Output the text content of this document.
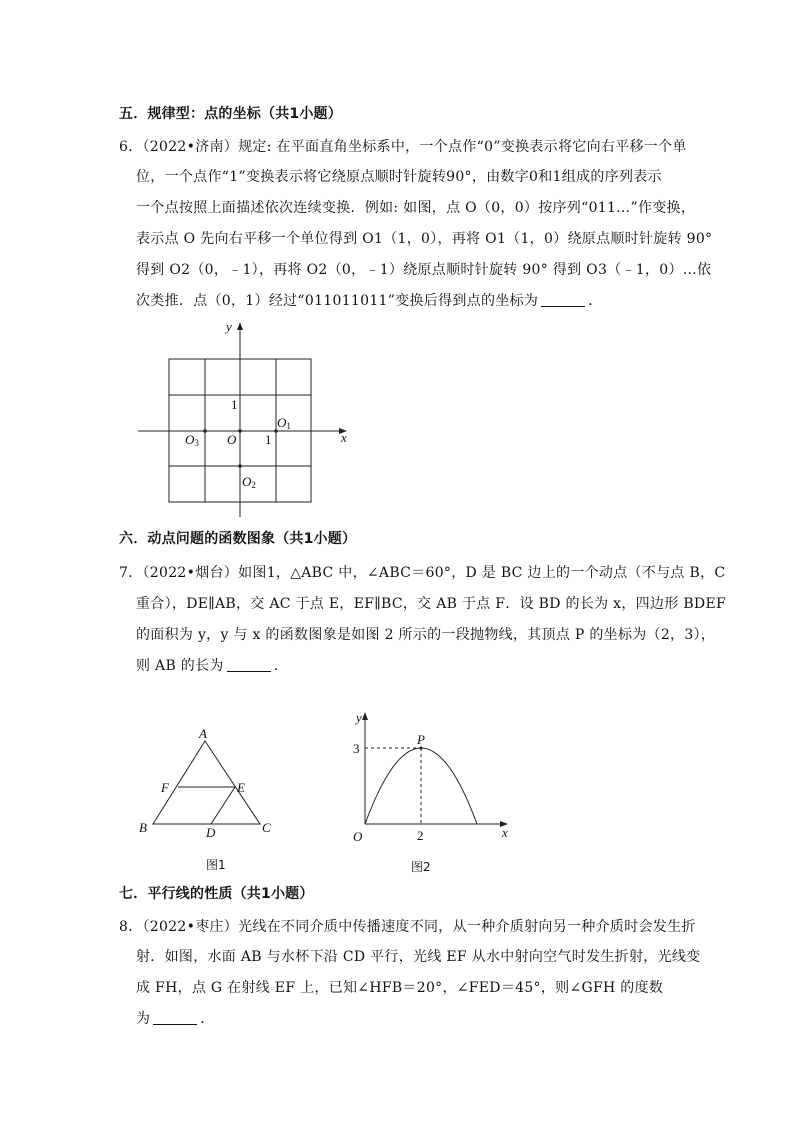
五．规律型：点的坐标（共1小题）
6．（2022•济南）规定: 在平面直角坐标系中，一个点作“0”变换表示将它向右平移一个单
位，一个点作“1”变换表示将它绕原点顺时针旋转90°，由数字0和1组成的序列表示
一个点按照上面描述依次连续变换．例如: 如图，点 O（0，0）按序列“011…”作变换，
表示点 O 先向右平移一个单位得到 O1（1，0），再将 O1（1，0）绕原点顺时针旋转 90°
得到 O2（0，﹣1），再将 O2（0，﹣1）绕原点顺时针旋转 90° 得到 O3（﹣1，0）…依
次类推．点（0，1）经过“011011011”变换后得到点的坐标为	．
y
x
1
1
O
O3
O1
O2
六．动点问题的函数图象（共1小题）
7．（2022•烟台）如图1，△ABC 中，∠ABC＝60°，D 是 BC 边上的一个动点（不与点 B，C
重合），DE∥AB，交 AC 于点 E，EF∥BC，交 AB 于点 F．设 BD 的长为 x，四边形 BDEF
的面积为 y，y 与 x 的函数图象是如图 2 所示的一段抛物线，其顶点 P 的坐标为（2，3），
则 AB 的长为	．
A
B	C
D
E
F
图1
y
x
O
P
3
2
图2
七．平行线的性质（共1小题）
8．（2022•枣庄）光线在不同介质中传播速度不同，从一种介质射向另一种介质时会发生折
射．如图，水面 AB 与水杯下沿 CD 平行，光线 EF 从水中射向空气时发生折射，光线变
成 FH，点 G 在射线 EF 上，已知∠HFB＝20°，∠FED＝45°，则∠GFH 的度数
为	．
